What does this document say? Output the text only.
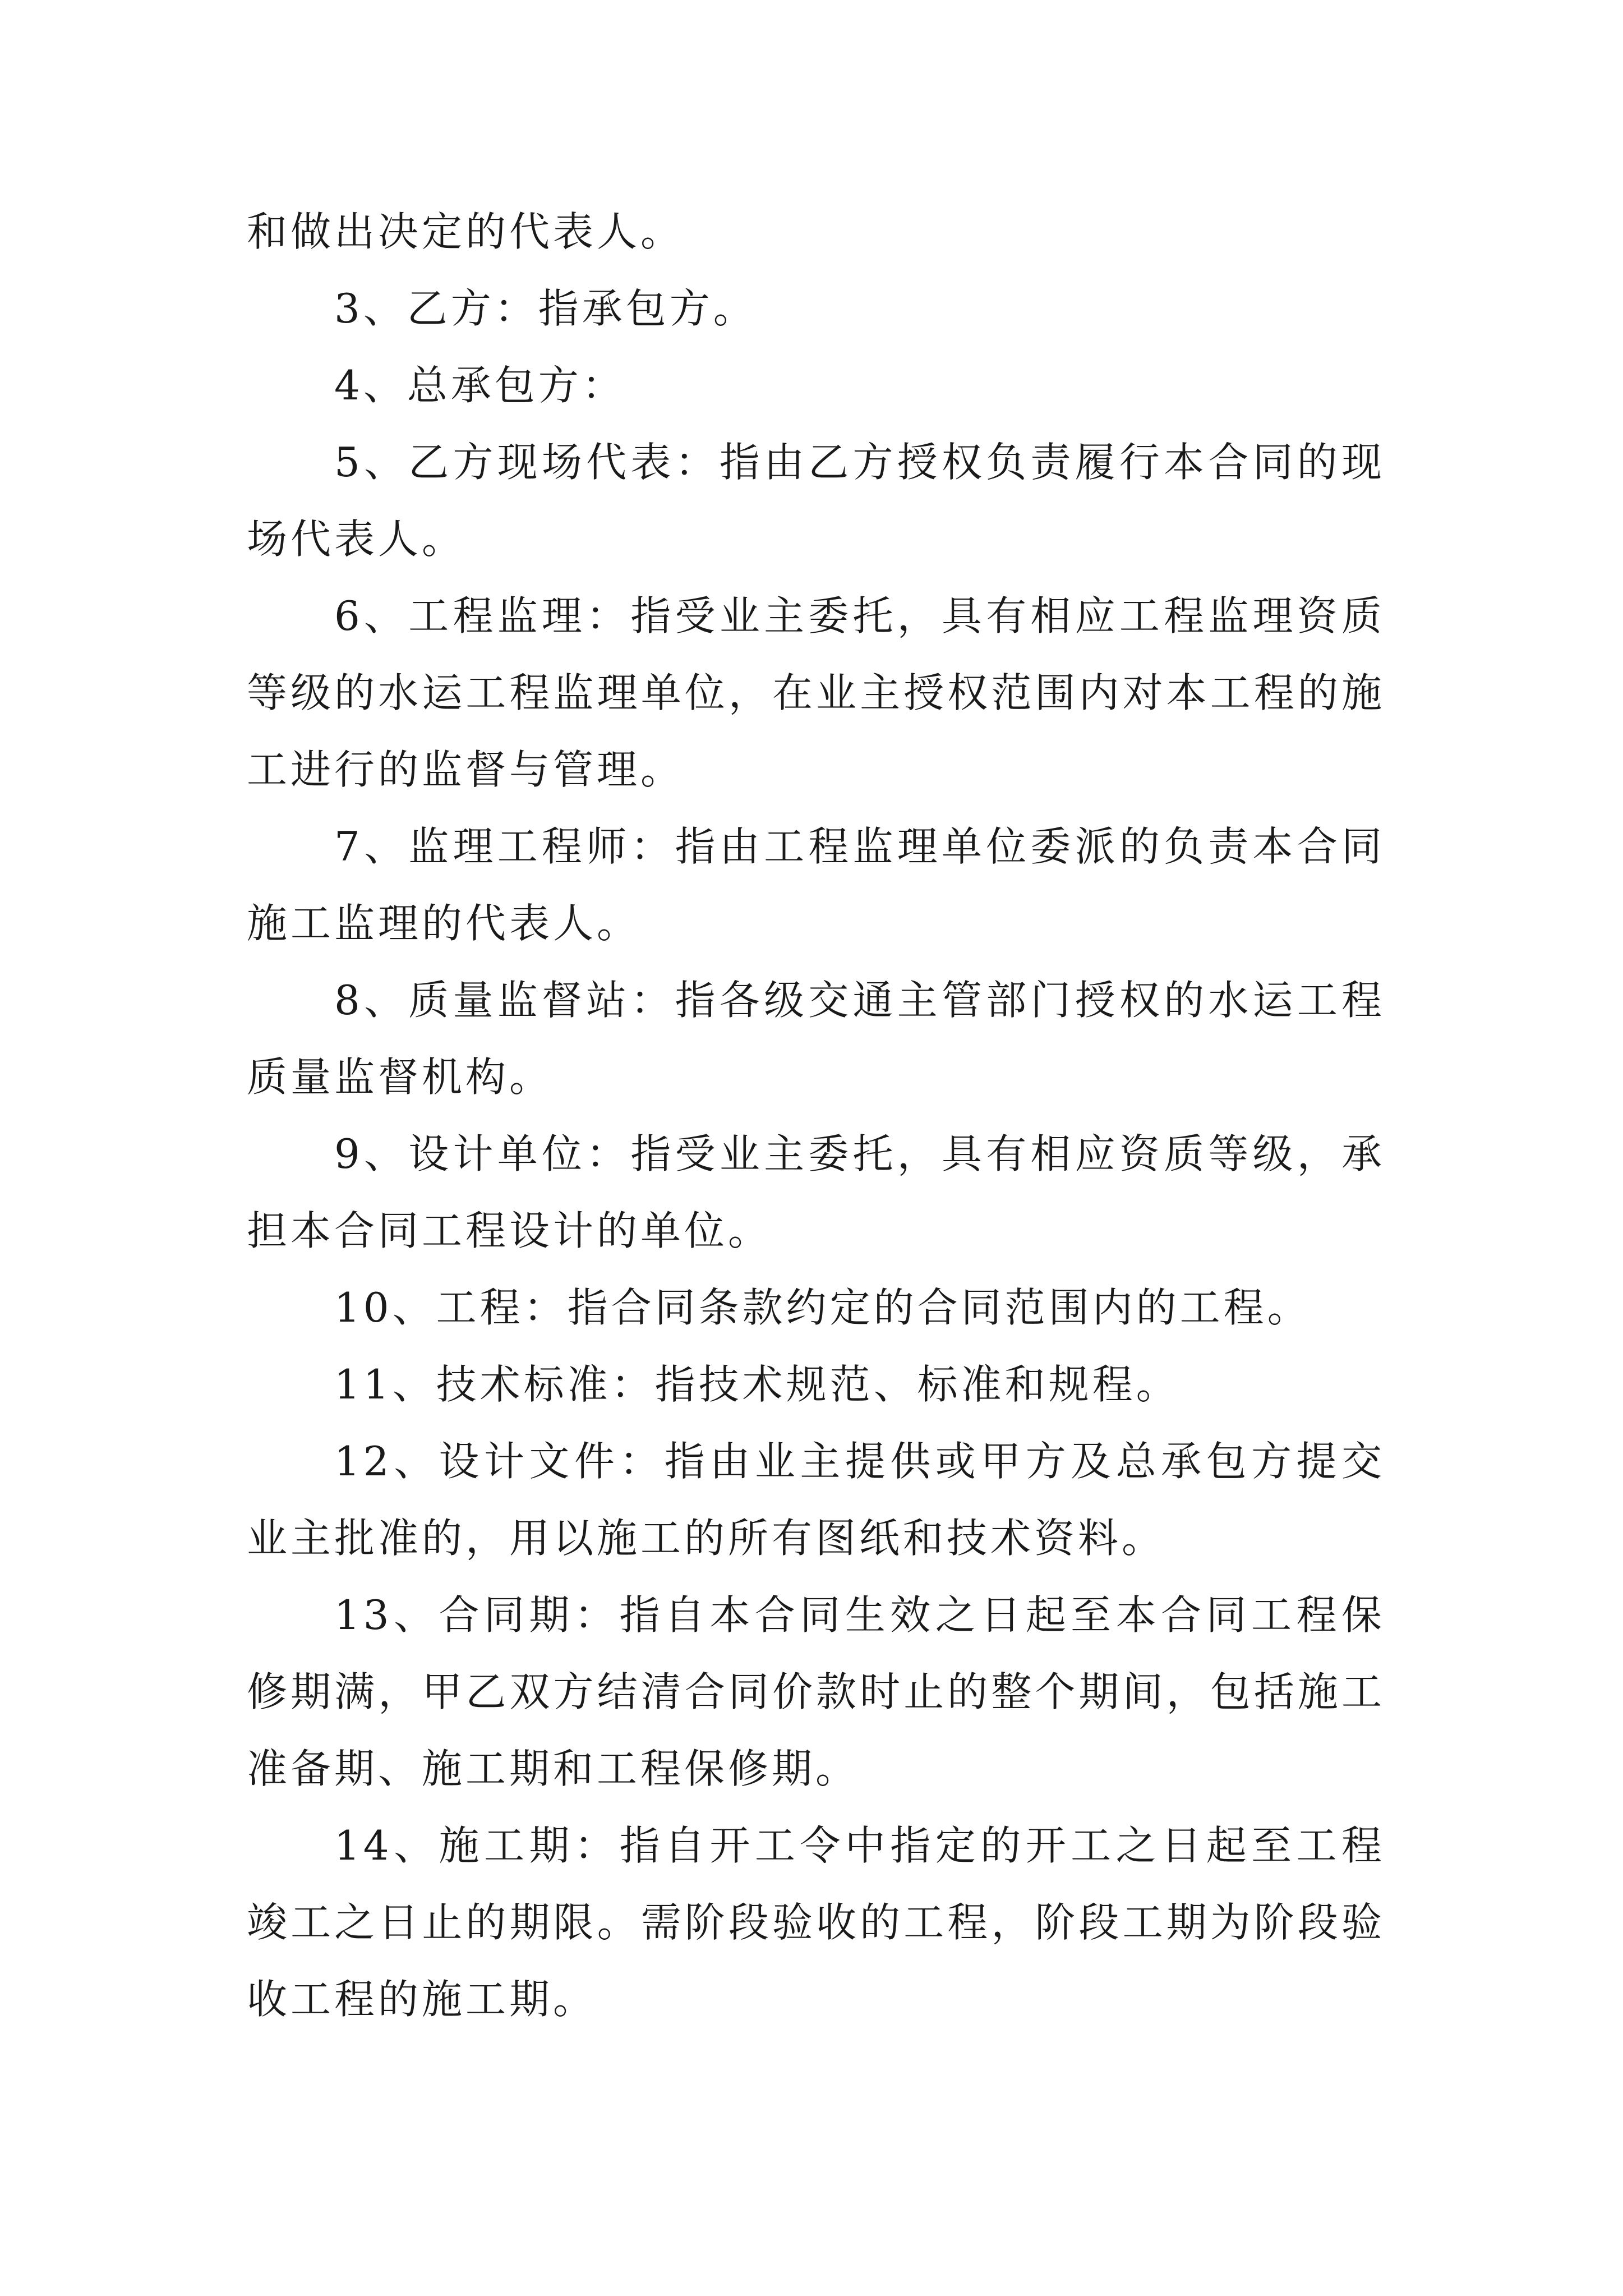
和做出决定的代表人。

3、乙方：指承包方。

4、总承包方：

5、乙方现场代表：指由乙方授权负责履行本合同的现场代表人。

6、工程监理：指受业主委托，具有相应工程监理资质等级的水运工程监理单位，在业主授权范围内对本工程的施工进行的监督与管理。

7、监理工程师：指由工程监理单位委派的负责本合同施工监理的代表人。

8、质量监督站：指各级交通主管部门授权的水运工程质量监督机构。

9、设计单位：指受业主委托，具有相应资质等级，承担本合同工程设计的单位。

10、工程：指合同条款约定的合同范围内的工程。

11、技术标准：指技术规范、标准和规程。

12、设计文件：指由业主提供或甲方及总承包方提交业主批准的，用以施工的所有图纸和技术资料。

13、合同期：指自本合同生效之日起至本合同工程保修期满，甲乙双方结清合同价款时止的整个期间，包括施工准备期、施工期和工程保修期。

14、施工期：指自开工令中指定的开工之日起至工程竣工之日止的期限。需阶段验收的工程，阶段工期为阶段验收工程的施工期。
